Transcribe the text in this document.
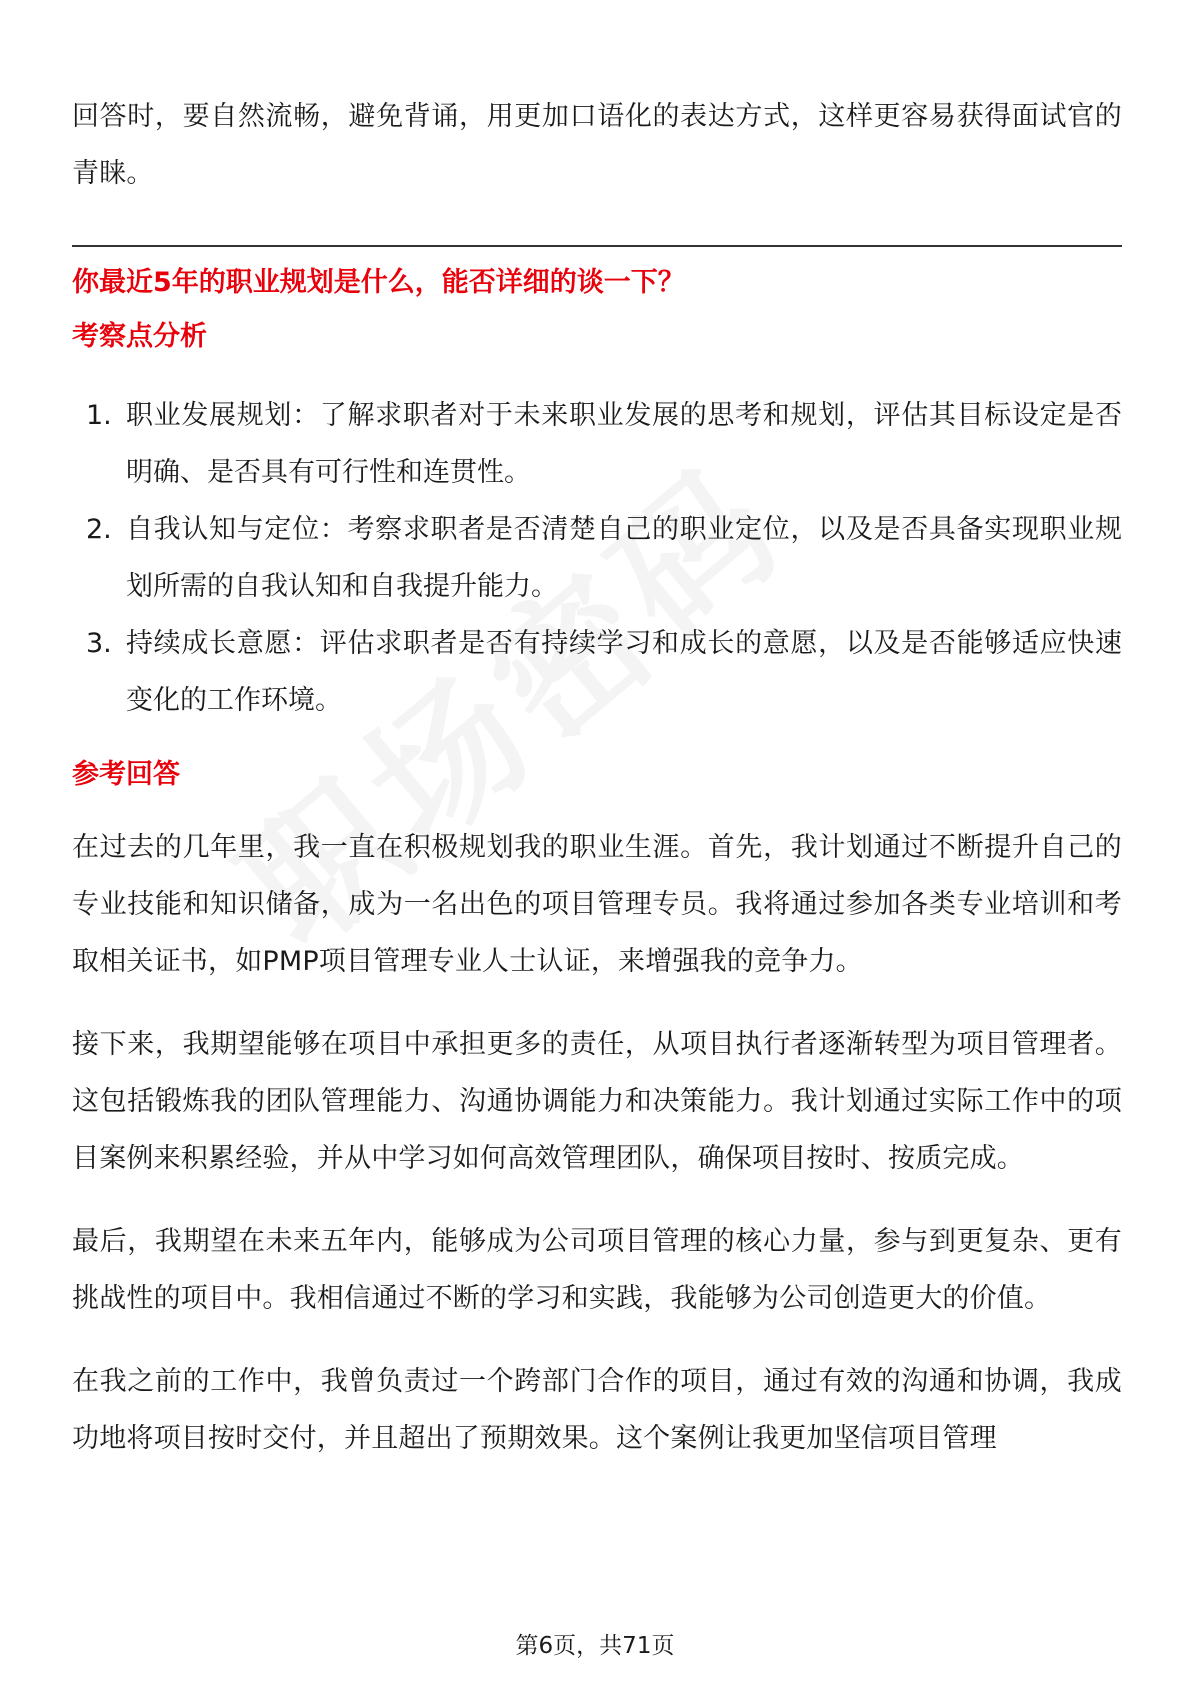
回答时，要自然流畅，避免背诵，用更加口语化的表达方式，这样更容易获得面试官的青睐。

你最近5年的职业规划是什么，能否详细的谈一下？

考察点分析

1. 职业发展规划：了解求职者对于未来职业发展的思考和规划，评估其目标设定是否明确、是否具有可行性和连贯性。
2. 自我认知与定位：考察求职者是否清楚自己的职业定位，以及是否具备实现职业规划所需的自我认知和自我提升能力。
3. 持续成长意愿：评估求职者是否有持续学习和成长的意愿，以及是否能够适应快速变化的工作环境。

参考回答

在过去的几年里，我一直在积极规划我的职业生涯。首先，我计划通过不断提升自己的专业技能和知识储备，成为一名出色的项目管理专员。我将通过参加各类专业培训和考取相关证书，如PMP项目管理专业人士认证，来增强我的竞争力。

接下来，我期望能够在项目中承担更多的责任，从项目执行者逐渐转型为项目管理者。这包括锻炼我的团队管理能力、沟通协调能力和决策能力。我计划通过实际工作中的项目案例来积累经验，并从中学习如何高效管理团队，确保项目按时、按质完成。

最后，我期望在未来五年内，能够成为公司项目管理的核心力量，参与到更复杂、更有挑战性的项目中。我相信通过不断的学习和实践，我能够为公司创造更大的价值。

在我之前的工作中，我曾负责过一个跨部门合作的项目，通过有效的沟通和协调，我成功地将项目按时交付，并且超出了预期效果。这个案例让我更加坚信项目管理

第6页，共71页
